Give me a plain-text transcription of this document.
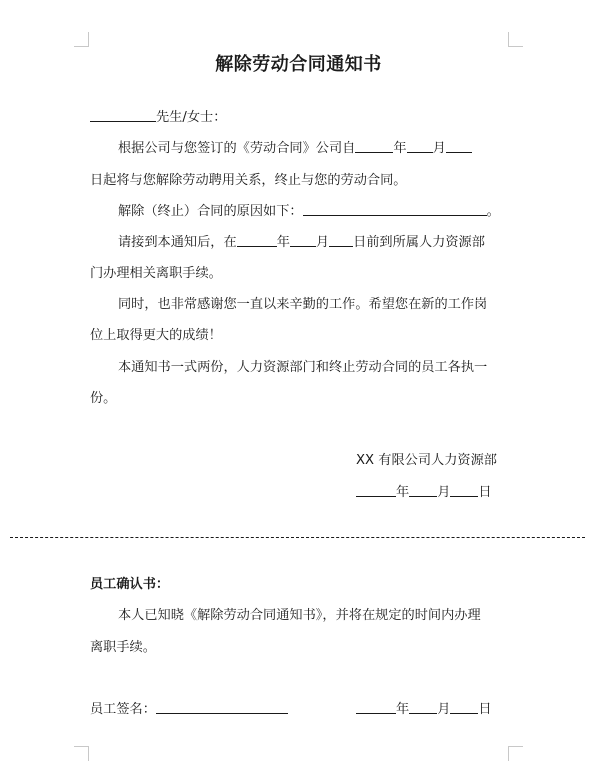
解除劳动合同通知书
先生/女士：
根据公司与您签订的《劳动合同》公司自	年 月
日起将与您解除劳动聘用关系，终止与您的劳动合同。
解除（终止）合同的原因如下：	。
请接到本通知后，在	年 月 日前到所属人力资源部
门办理相关离职手续。
同时，也非常感谢您一直以来辛勤的工作。希望您在新的工作岗
位上取得更大的成绩！
本通知书一式两份，人力资源部门和终止劳动合同的员工各执一
份。
XX 有限公司人力资源部
年 月 日
员工确认书：
本人已知晓《解除劳动合同通知书》，并将在规定的时间内办理
离职手续。
员工签名：	年 月 日
